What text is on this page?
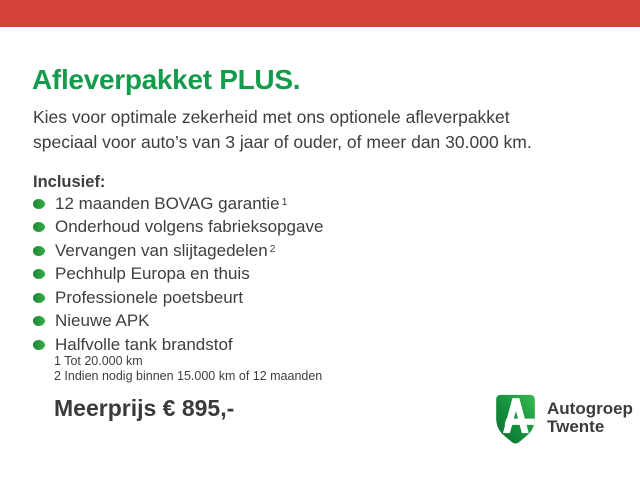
Afleverpakket PLUS.
Kies voor optimale zekerheid met ons optionele afleverpakket
speciaal voor auto’s van 3 jaar of ouder, of meer dan 30.000 km.
Inclusief:
12 maanden BOVAG garantie $^1$
Onderhoud volgens fabrieksopgave
Vervangen van slijtagedelen $^2$
Pechhulp Europa en thuis
Professionele poetsbeurt
Nieuwe APK
Halfvolle tank brandstof
1 Tot 20.000 km
2 Indien nodig binnen 15.000 km of 12 maanden
Meerprijs € 895,-	Autogroep
Twente
